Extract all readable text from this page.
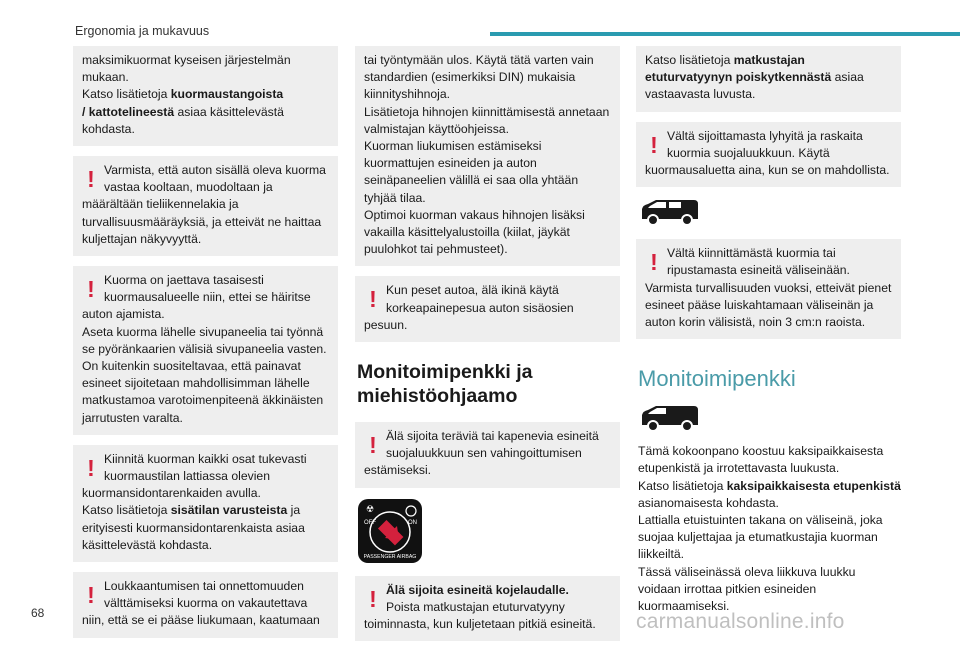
Ergonomia ja mukavuus

maksimikuormat kyseisen järjestelmän
mukaan.
Katso lisätietoja kuormaustangoista
/ kattotelineestä asiaa käsittelevästä
kohdasta.

! Varmista, että auton sisällä oleva kuorma vastaa kooltaan, muodoltaan ja määrältään tieliikennelakia ja turvallisuusmääräyksiä, ja etteivät ne haittaa kuljettajan näkyvyyttä.

! Kuorma on jaettava tasaisesti kuormausalueelle niin, ettei se häiritse auton ajamista.

Aseta kuorma lähelle sivupaneelia tai työnnä se pyöränkaarien välisiä sivupaneelia vasten.

On kuitenkin suositeltavaa, että painavat esineet sijoitetaan mahdollisimman lähelle matkustamoa varotoimenpiteenä äkkinäisten jarrutusten varalta.

! Kiinnitä kuorman kaikki osat tukevasti kuormaustilan lattiassa olevien kuormansidontarenkaiden avulla.

Katso lisätietoja sisätilan varusteista ja erityisesti kuormansidontarenkaista asiaa käsittelevästä kohdasta.

! Loukkaantumisen tai onnettomuuden välttämiseksi kuorma on vakautettava niin, että se ei pääse liukumaan, kaatumaan

tai työntymään ulos. Käytä tätä varten vain standardien (esimerkiksi DIN) mukaisia kiinnityshihnoja.

Lisätietoja hihnojen kiinnittämisestä annetaan valmistajan käyttöohjeissa.

Kuorman liukumisen estämiseksi kuormattujen esineiden ja auton seinäpaneelien välillä ei saa olla yhtään tyhjää tilaa.

Optimoi kuorman vakaus hihnojen lisäksi vakailla käsittelyalustoilla (kiilat, jäykät puulohkot tai pehmusteet).

! Kun peset autoa, älä ikinä käytä korkeapainepesua auton sisäosien pesuun.

Monitoimipenkki ja miehistöohjaamo
! Älä sijoita teräviä tai kapenevia esineitä suojaluukkuun sen vahingoittumisen estämiseksi.

☢
OFF	ON
PASSENGER AIRBAG
! Älä sijoita esineitä kojelaudalle.

Poista matkustajan etuturvatyyny toiminnasta, kun kuljetetaan pitkiä esineitä.

Katso lisätietoja matkustajan etuturvatyynyn poiskytkennästä asiaa vastaavasta luvusta.

! Vältä sijoittamasta lyhyitä ja raskaita kuormia suojaluukkuun. Käytä kuormausaluetta aina, kun se on mahdollista.

! Vältä kiinnittämästä kuormia tai ripustamasta esineitä väliseinään.

Varmista turvallisuuden vuoksi, etteivät pienet esineet pääse luiskahtamaan väliseinän ja auton korin välisistä, noin 3 cm:n raoista.

Monitoimipenkki

Tämä kokoonpano koostuu kaksipaikkaisesta etupenkistä ja irrotettavasta luukusta.

Katso lisätietoja kaksipaikkaisesta etupenkistä asianomaisesta kohdasta.

Lattialla etuistuinten takana on väliseinä, joka suojaa kuljettajaa ja etumatkustajia kuorman liikkeiltä.

Tässä väliseinässä oleva liikkuva luukku voidaan irrottaa pitkien esineiden kuormaamiseksi.

68	carmanualsonline.info
